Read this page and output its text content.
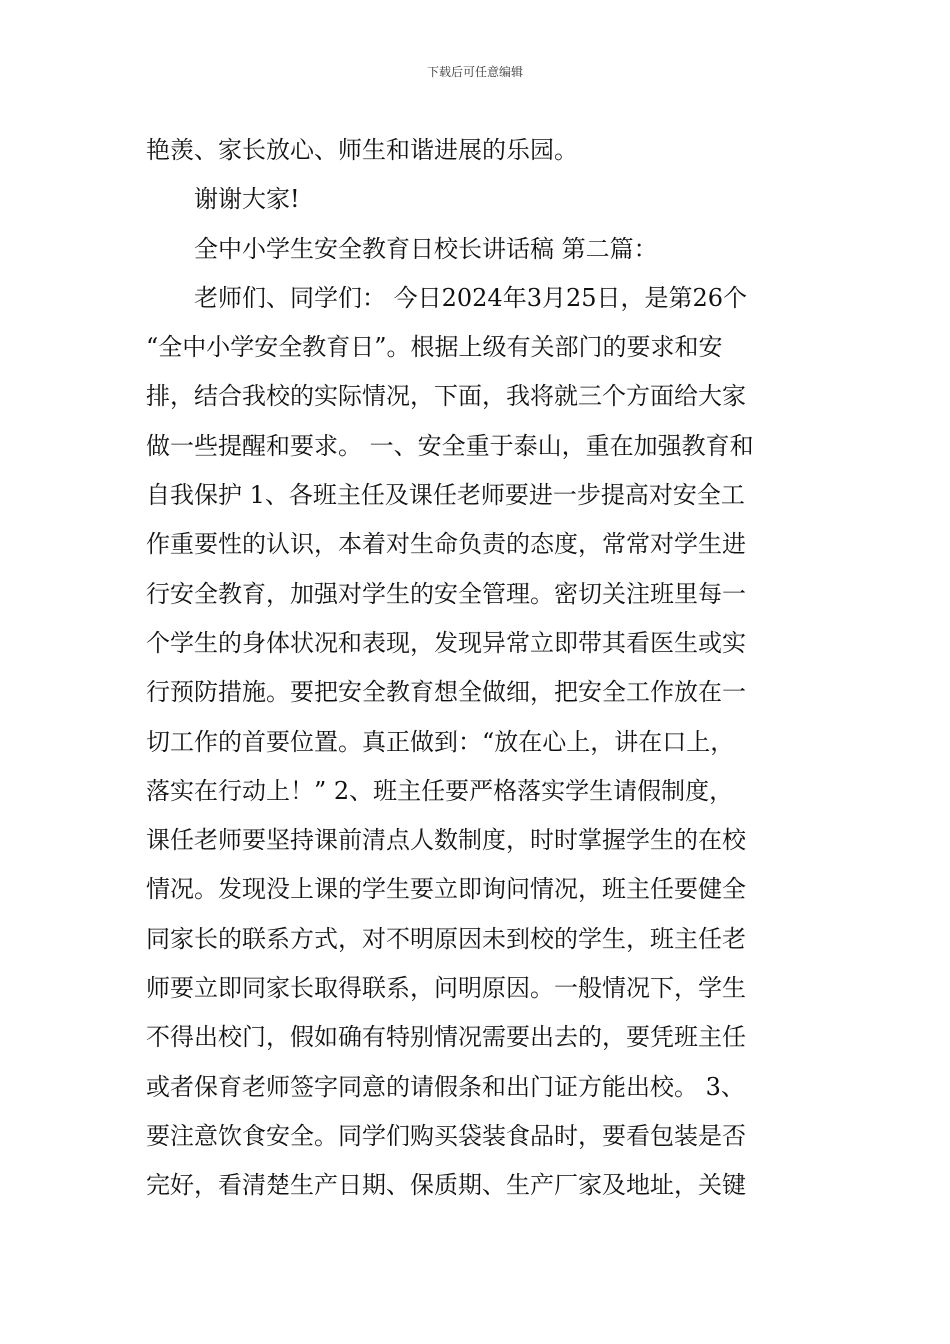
下载后可任意编辑
艳羡、家长放心、师生和谐进展的乐园。
谢谢大家!
全中小学生安全教育日校长讲话稿 第二篇：
老师们、同学们： 今日2024年3月25日，是第26个
“全中小学安全教育日”。根据上级有关部门的要求和安
排，结合我校的实际情况，下面，我将就三个方面给大家
做一些提醒和要求。 一、安全重于泰山，重在加强教育和
自我保护 1、各班主任及课任老师要进一步提高对安全工
作重要性的认识，本着对生命负责的态度，常常对学生进
行安全教育，加强对学生的安全管理。密切关注班里每一
个学生的身体状况和表现，发现异常立即带其看医生或实
行预防措施。要把安全教育想全做细，把安全工作放在一
切工作的首要位置。真正做到：“放在心上，讲在口上，
落实在行动上！” 2、班主任要严格落实学生请假制度，
课任老师要坚持课前清点人数制度，时时掌握学生的在校
情况。发现没上课的学生要立即询问情况，班主任要健全
同家长的联系方式，对不明原因未到校的学生，班主任老
师要立即同家长取得联系，问明原因。一般情况下，学生
不得出校门，假如确有特别情况需要出去的，要凭班主任
或者保育老师签字同意的请假条和出门证方能出校。 3、
要注意饮食安全。同学们购买袋装食品时，要看包装是否
完好，看清楚生产日期、保质期、生产厂家及地址，关键
